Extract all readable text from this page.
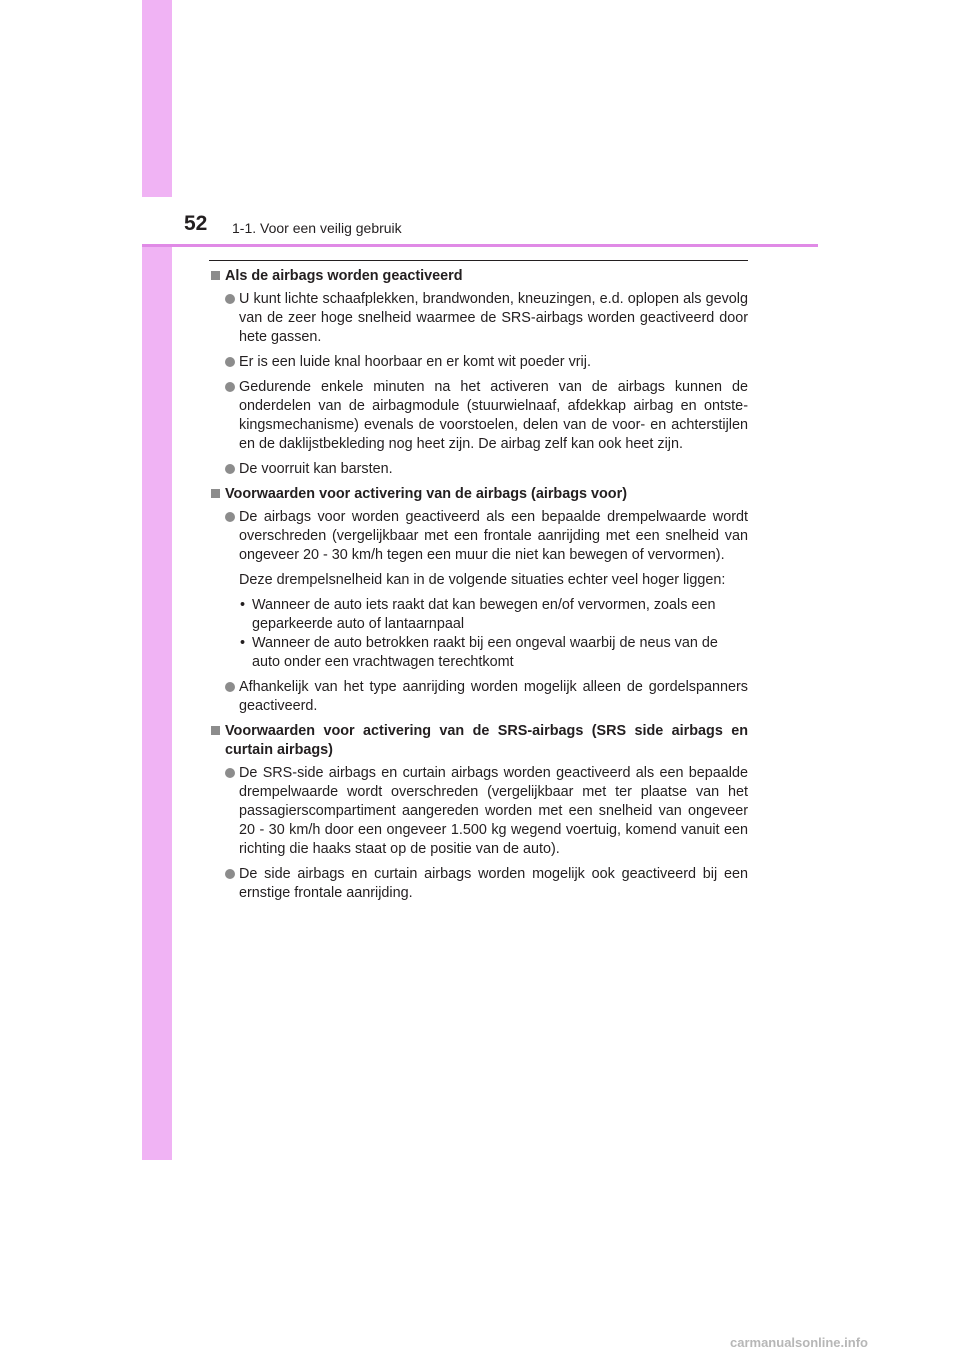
52 1-1. Voor een veilig gebruik
Als de airbags worden geactiveerd
U kunt lichte schaafplekken, brandwonden, kneuzingen, e.d. oplopen als gevolg van de zeer hoge snelheid waarmee de SRS-airbags worden geactiveerd door hete gassen.
Er is een luide knal hoorbaar en er komt wit poeder vrij.
Gedurende enkele minuten na het activeren van de airbags kunnen de onderdelen van de airbagmodule (stuurwielnaaf, afdekkap airbag en ontstekingsmechanisme) evenals de voorstoelen, delen van de voor- en achterstijlen en de daklijstbekleding nog heet zijn. De airbag zelf kan ook heet zijn.
De voorruit kan barsten.
Voorwaarden voor activering van de airbags (airbags voor)
De airbags voor worden geactiveerd als een bepaalde drempelwaarde wordt overschreden (vergelijkbaar met een frontale aanrijding met een snelheid van ongeveer 20 - 30 km/h tegen een muur die niet kan bewegen of vervormen).
Deze drempelsnelheid kan in de volgende situaties echter veel hoger liggen:
• Wanneer de auto iets raakt dat kan bewegen en/of vervormen, zoals een geparkeerde auto of lantaarnpaal
• Wanneer de auto betrokken raakt bij een ongeval waarbij de neus van de auto onder een vrachtwagen terechtkomt
Afhankelijk van het type aanrijding worden mogelijk alleen de gordelspanners geactiveerd.
Voorwaarden voor activering van de SRS-airbags (SRS side airbags en curtain airbags)
De SRS-side airbags en curtain airbags worden geactiveerd als een bepaalde drempelwaarde wordt overschreden (vergelijkbaar met ter plaatse van het passagierscompartiment aangereden worden met een snelheid van ongeveer 20 - 30 km/h door een ongeveer 1.500 kg wegend voertuig, komend vanuit een richting die haaks staat op de positie van de auto).
De side airbags en curtain airbags worden mogelijk ook geactiveerd bij een ernstige frontale aanrijding.
carmanualsonline.info
